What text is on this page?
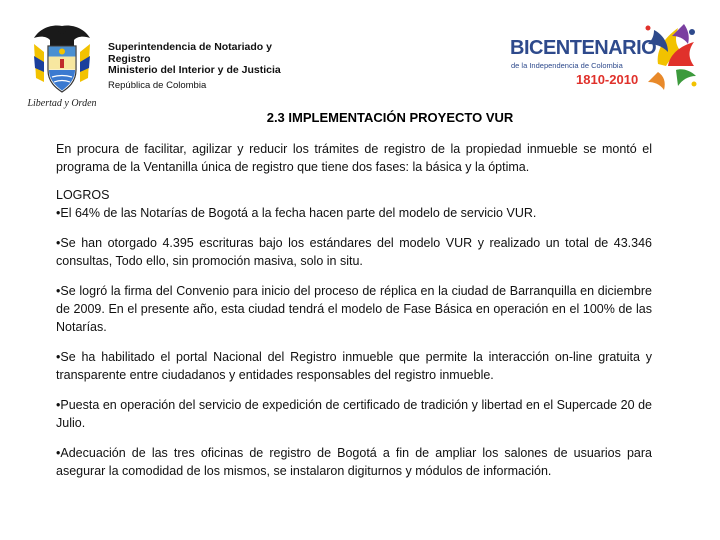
Libertad y Orden
Superintendencia de Notariado y
Registro
Ministerio del Interior y de Justicia
República de Colombia
BICENTENARIO
de la Independencia de Colombia
1810-2010
2.3 IMPLEMENTACIÓN PROYECTO VUR

En procura de facilitar, agilizar y reducir los trámites de registro de la propiedad inmueble se montó el programa de la Ventanilla única de registro que tiene dos fases: la básica y la óptima.

LOGROS

•El 64% de las Notarías de Bogotá a la fecha hacen parte del modelo de servicio VUR.

•Se han otorgado 4.395 escrituras bajo los estándares del modelo VUR y realizado un total de 43.346 consultas, Todo ello, sin promoción masiva, solo in situ.

•Se logró la firma del Convenio para inicio del proceso de réplica en la ciudad de Barranquilla en diciembre de 2009. En el presente año, esta ciudad tendrá el modelo de Fase Básica en operación en el 100% de las Notarías.

•Se ha habilitado el portal Nacional del Registro inmueble que permite la interacción on-line gratuita y transparente entre ciudadanos y entidades responsables del registro inmueble.

•Puesta en operación del servicio de expedición de certificado de tradición y libertad en el Supercade 20 de Julio.

•Adecuación de las tres oficinas de registro de Bogotá a fin de ampliar los salones de usuarios para asegurar la comodidad de los mismos, se instalaron digiturnos y módulos de información.
